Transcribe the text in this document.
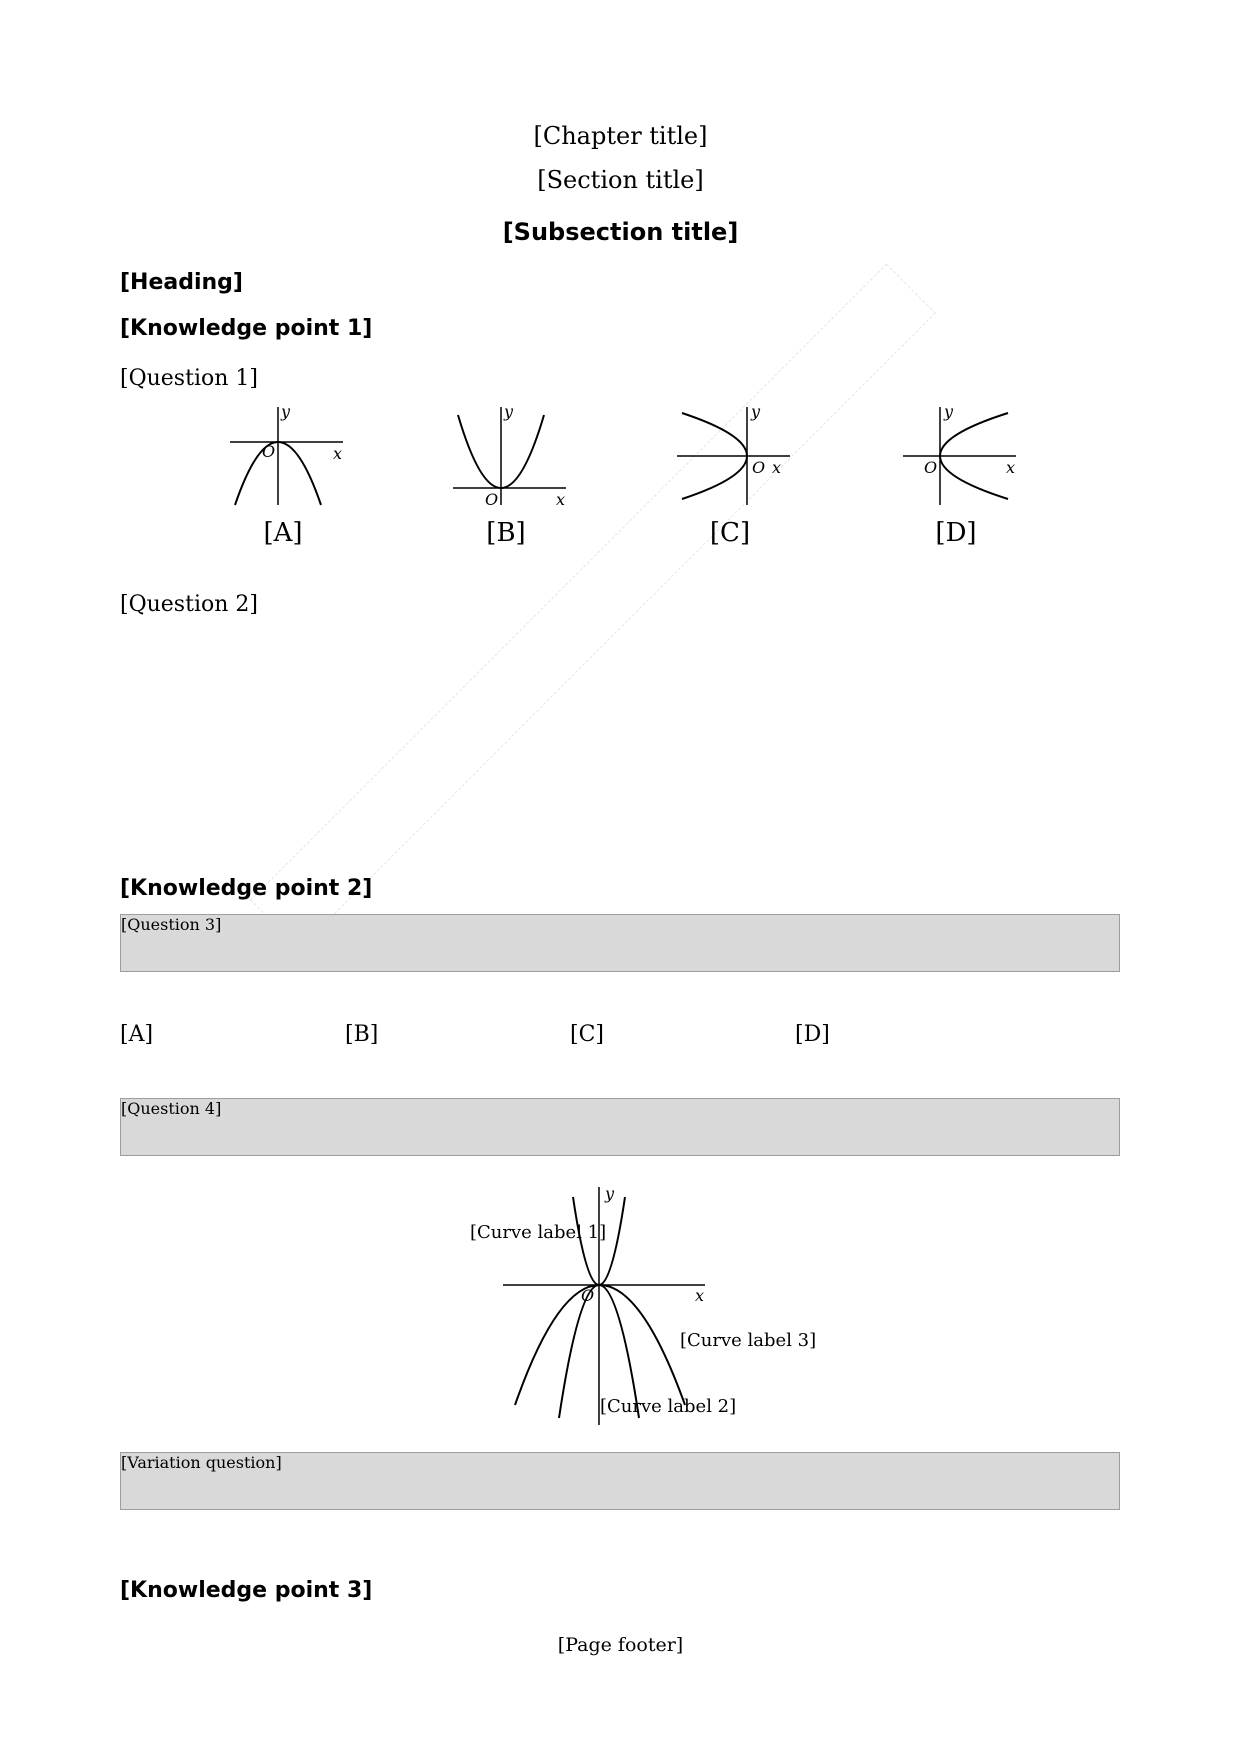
[Chapter title]
[Section title]
[Subsection title]
[Heading]
[Knowledge point 1]
[Question 1]
y
x
O
[A]
y
x
O
[B]
y
x
O
[C]
y
x
O
[D]
[Question 2]
[Knowledge point 2]
[Question 3]
[A]	[B]	[C]	[D]
[Question 4]
y
x
O
[Curve label 1]
[Curve label 2]
[Curve label 3]
[Variation question]
[Knowledge point 3]
[Page footer]
